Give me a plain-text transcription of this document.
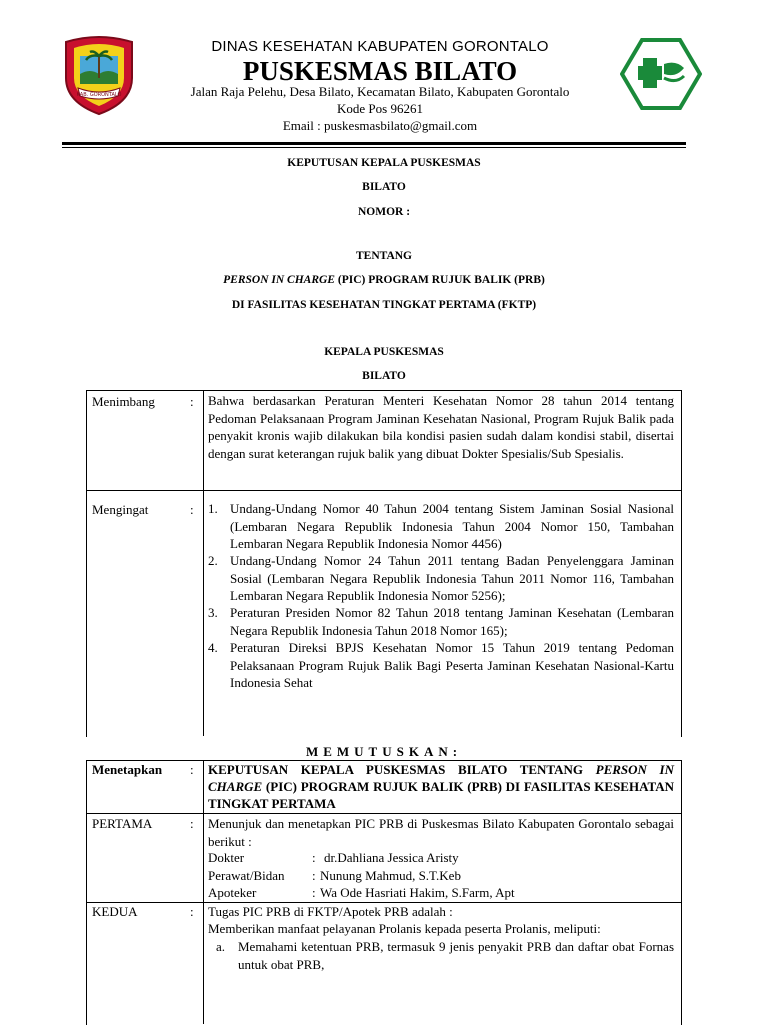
KAB. GORONTALO
DINAS KESEHATAN KABUPATEN GORONTALO
PUSKESMAS BILATO
Jalan Raja Pelehu, Desa Bilato, Kecamatan Bilato, Kabupaten Gorontalo
Kode Pos 96261
Email : puskesmasbilato@gmail.com
KEPUTUSAN KEPALA PUSKESMAS
BILATO
NOMOR :
TENTANG
PERSON IN CHARGE (PIC) PROGRAM RUJUK BALIK (PRB)
DI FASILITAS KESEHATAN TINGKAT PERTAMA (FKTP)
KEPALA PUSKESMAS
BILATO
Menimbang	: Bahwa berdasarkan Peraturan Menteri Kesehatan Nomor 28 tahun 2014 tentang Pedoman Pelaksanaan Program Jaminan Kesehatan Nasional, Program Rujuk Balik pada penyakit kronis wajib dilakukan bila kondisi pasien sudah dalam kondisi stabil, disertai dengan surat keterangan rujuk balik yang dibuat Dokter Spesialis/Sub Spesialis.
Mengingat	: 1. Undang-Undang Nomor 40 Tahun 2004 tentang Sistem Jaminan Sosial Nasional (Lembaran Negara Republik Indonesia Tahun 2004 Nomor 150, Tambahan Lembaran Negara Republik Indonesia Nomor 4456)
2. Undang-Undang Nomor 24 Tahun 2011 tentang Badan Penyelenggara Jaminan Sosial (Lembaran Negara Republik Indonesia Tahun 2011 Nomor 116, Tambahan Lembaran Negara Republik Indonesia Nomor 5256);
3. Peraturan Presiden Nomor 82 Tahun 2018 tentang Jaminan Kesehatan (Lembaran Negara Republik Indonesia Tahun 2018 Nomor 165);
4. Peraturan Direksi BPJS Kesehatan Nomor 15 Tahun 2019 tentang Pedoman Pelaksanaan Program Rujuk Balik Bagi Peserta Jaminan Kesehatan Nasional-Kartu Indonesia Sehat
MEMUTUSKAN:
Menetapkan : KEPUTUSAN KEPALA PUSKESMAS BILATO TENTANG PERSON IN CHARGE (PIC) PROGRAM RUJUK BALIK (PRB) DI FASILITAS KESEHATAN TINGKAT PERTAMA
PERTAMA	: Menunjuk dan menetapkan PIC PRB di Puskesmas Bilato Kabupaten Gorontalo sebagai berikut :
Dokter	: dr.Dahliana Jessica Aristy
Perawat/Bidan : Nunung Mahmud, S.T.Keb
Apoteker	: Wa Ode Hasriati Hakim, S.Farm, Apt
KEDUA	: Tugas PIC PRB di FKTP/Apotek PRB adalah :
Memberikan manfaat pelayanan Prolanis kepada peserta Prolanis, meliputi:
a. Memahami ketentuan PRB, termasuk 9 jenis penyakit PRB dan daftar obat Fornas untuk obat PRB,
